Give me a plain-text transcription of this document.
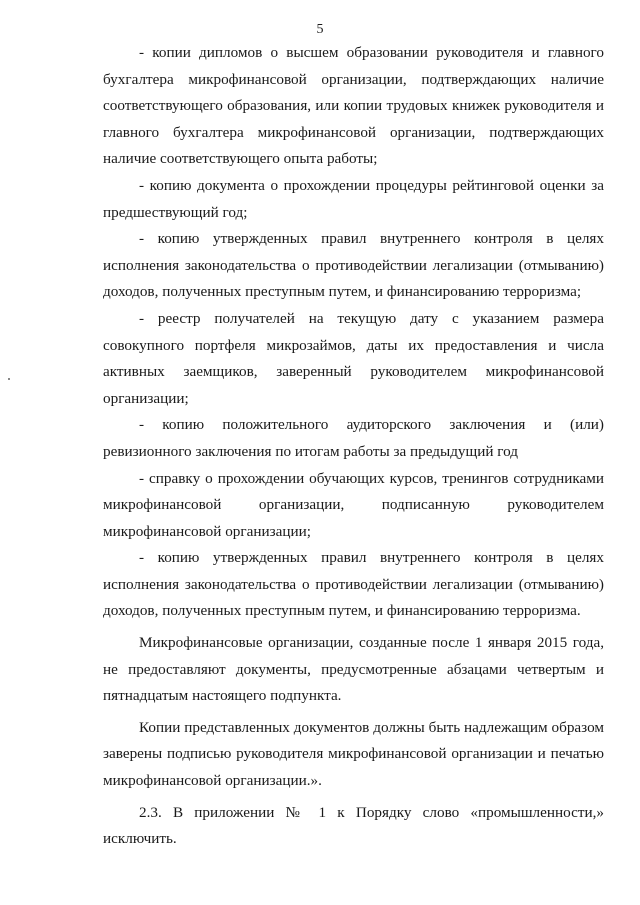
5

- копии дипломов о высшем образовании руководителя и главного бухгалтера микрофинансовой организации, подтверждающих наличие соответствующего образования, или копии трудовых книжек руководителя и главного бухгалтера микрофинансовой организации, подтверждающих наличие соответствующего опыта работы;

- копию документа о прохождении процедуры рейтинговой оценки за предшествующий год;

- копию утвержденных правил внутреннего контроля в целях исполнения законодательства о противодействии легализации (отмыванию) доходов, полученных преступным путем, и финансированию терроризма;

- реестр получателей на текущую дату с указанием размера совокупного портфеля микрозаймов, даты их предоставления и числа активных заемщиков, заверенный руководителем микрофинансовой организации;

- копию положительного аудиторского заключения и (или) ревизионного заключения по итогам работы за предыдущий год

- справку о прохождении обучающих курсов, тренингов сотрудниками микрофинансовой организации, подписанную руководителем микрофинансовой организации;

- копию утвержденных правил внутреннего контроля в целях исполнения законодательства о противодействии легализации (отмыванию) доходов, полученных преступным путем, и финансированию терроризма.

Микрофинансовые организации, созданные после 1 января 2015 года, не предоставляют документы, предусмотренные абзацами четвертым и пятнадцатым настоящего подпункта.

Копии представленных документов должны быть надлежащим образом заверены подписью руководителя микрофинансовой организации и печатью микрофинансовой организации.».

2.3. В приложении № 1 к Порядку слово «промышленности,» исключить.
